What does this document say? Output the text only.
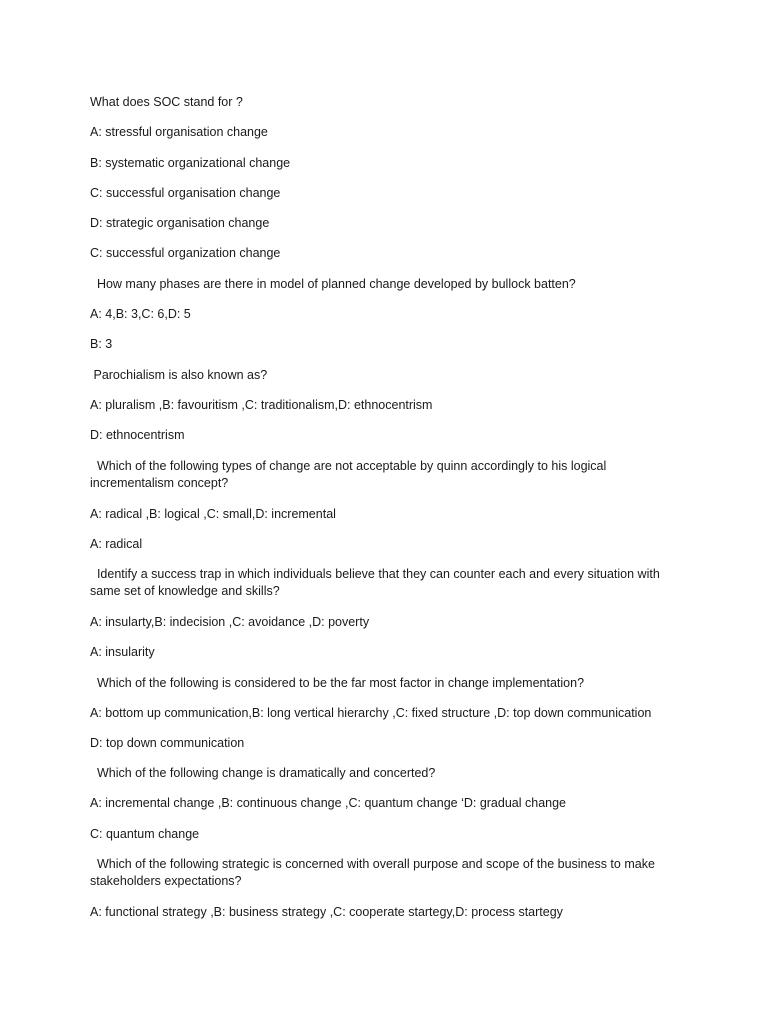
What does SOC stand for ?

A: stressful organisation change

B: systematic organizational change

C: successful organisation change

D: strategic organisation change

C: successful organization change

How many phases are there in model of planned change developed by bullock batten?

A: 4,B: 3,C: 6,D: 5

B: 3

Parochialism is also known as?

A: pluralism ,B: favouritism ,C: traditionalism,D: ethnocentrism

D: ethnocentrism

Which of the following types of change are not acceptable by quinn accordingly to his logical incrementalism concept?

A: radical ,B: logical ,C: small,D: incremental

A: radical

Identify a success trap in which individuals believe that they can counter each and every situation with same set of knowledge and skills?

A: insularty,B: indecision ,C: avoidance ,D: poverty

A: insularity

Which of the following is considered to be the far most factor in change implementation?

A: bottom up communication,B: long vertical hierarchy ,C: fixed structure ,D: top down communication

D: top down communication

Which of the following change is dramatically and concerted?

A: incremental change ,B: continuous change ,C: quantum change ‘D: gradual change

C: quantum change

Which of the following strategic is concerned with overall purpose and scope of the business to make stakeholders expectations?

A: functional strategy ,B: business strategy ,C: cooperate startegy,D: process startegy
